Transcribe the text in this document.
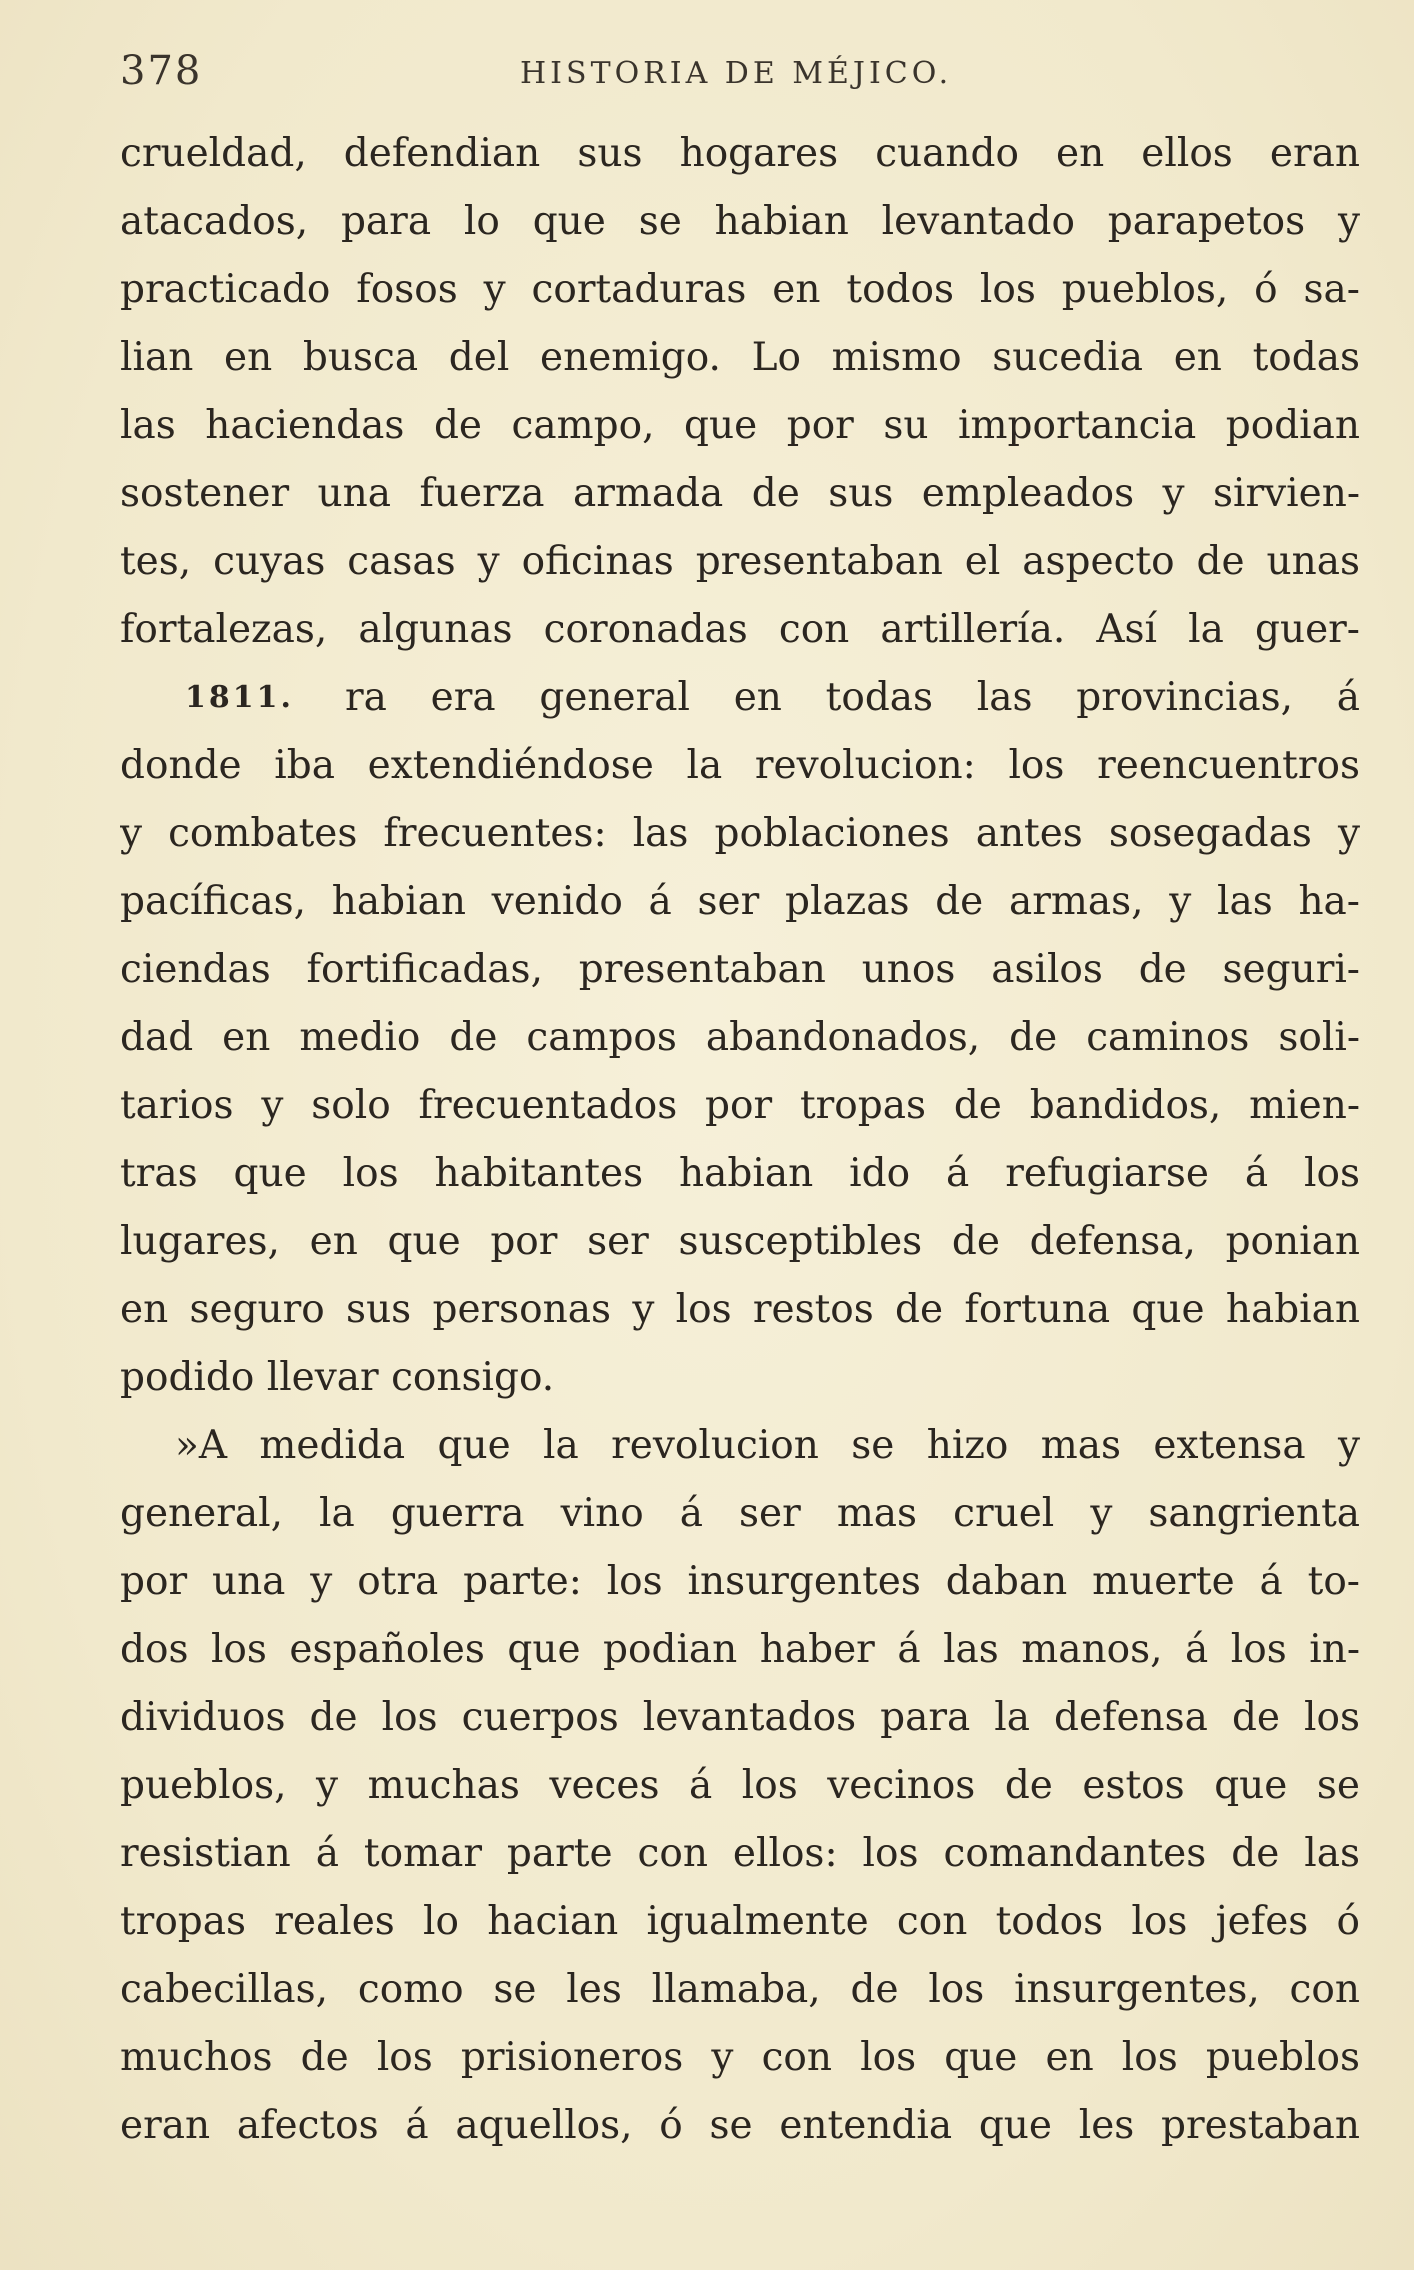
378	HISTORIA DE MÉJICO.
crueldad, defendian sus hogares cuando en ellos eran
atacados, para lo que se habian levantado parapetos y
practicado fosos y cortaduras en todos los pueblos, ó sa-
lian en busca del enemigo. Lo mismo sucedia en todas
las haciendas de campo, que por su importancia podian
sostener una fuerza armada de sus empleados y sirvien-
tes, cuyas casas y oficinas presentaban el aspecto de unas
fortalezas, algunas coronadas con artillería. Así la guer-
1811.	ra era general en todas las provincias, á
donde iba extendiéndose la revolucion: los reencuentros
y combates frecuentes: las poblaciones antes sosegadas y
pacíficas, habian venido á ser plazas de armas, y las ha-
ciendas fortificadas, presentaban unos asilos de seguri-
dad en medio de campos abandonados, de caminos soli-
tarios y solo frecuentados por tropas de bandidos, mien-
tras que los habitantes habian ido á refugiarse á los
lugares, en que por ser susceptibles de defensa, ponian
en seguro sus personas y los restos de fortuna que habian
podido llevar consigo.
»A medida que la revolucion se hizo mas extensa y
general, la guerra vino á ser mas cruel y sangrienta
por una y otra parte: los insurgentes daban muerte á to-
dos los españoles que podian haber á las manos, á los in-
dividuos de los cuerpos levantados para la defensa de los
pueblos, y muchas veces á los vecinos de estos que se
resistian á tomar parte con ellos: los comandantes de las
tropas reales lo hacian igualmente con todos los jefes ó
cabecillas, como se les llamaba, de los insurgentes, con
muchos de los prisioneros y con los que en los pueblos
eran afectos á aquellos, ó se entendia que les prestaban
